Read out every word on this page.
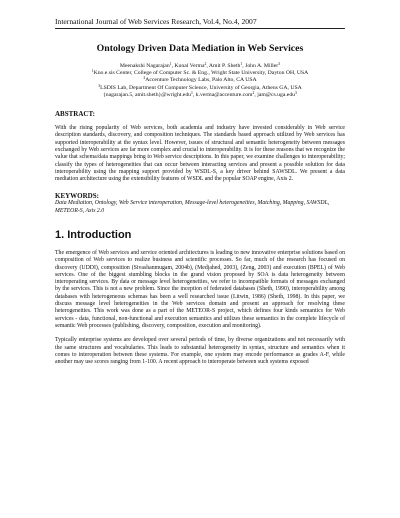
International Journal of Web Services Research, Vol.4, No.4, 2007
Ontology Driven Data Mediation in Web Services
Meenakshi Nagarajan$^1$, Kunal Verma$^2$, Amit P. Sheth$^1$, John A. Miller$^3$
$^1$Kno.e.sis Center, College of Computer Sc. & Eng., Wright State University, Dayton OH, USA
$^2$Accenture Technology Labs, Palo Alto, CA USA
$^3$LSDIS Lab, Department Of Computer Science, University of Georgia, Athens GA, USA
{nagarajan.5, amit.sheth}@wright.edu$^1$, k.verma@accenture.com$^2$, jam@cs.uga.edu$^3$
ABSTRACT:
With the rising popularity of Web services, both academia and industry have invested considerably in Web service description standards, discovery, and composition techniques. The standards based approach utilized by Web services has supported interoperability at the syntax level. However, issues of structural and semantic heterogeneity between messages exchanged by Web services are far more complex and crucial to interoperability. It is for these reasons that we recognize the value that schema/data mappings bring to Web service descriptions. In this paper, we examine challenges to interoperability; classify the types of heterogeneities that can occur between interacting services and present a possible solution for data interoperability using the mapping support provided by WSDL-S, a key driver behind SAWSDL. We present a data mediation architecture using the extensibility features of WSDL and the popular SOAP engine, Axis 2.
KEYWORDS:
Data Mediation, Ontology, Web Service interoperation, Message-level heterogeneities, Matching, Mapping, SAWSDL, METEOR-S, Axis 2.0
1. Introduction
The emergence of Web services and service oriented architectures is leading to new innovative enterprise solutions based on composition of Web services to realize business and scientific processes. So far, much of the research has focused on discovery (UDDI), composition (Sivashanmugam, 2004b), (Medjahed, 2003), (Zeng, 2003) and execution (BPEL) of Web services. One of the biggest stumbling blocks in the grand vision proposed by SOA is data heterogeneity between interoperating services. By data or message level heterogeneities, we refer to incompatible formats of messages exchanged by the services. This is not a new problem. Since the inception of federated databases (Sheth, 1990), interoperability among databases with heterogeneous schemas has been a well researched issue (Litwin, 1986) (Sheth, 1998). In this paper, we discuss message level heterogeneities in the Web services domain and present an approach for resolving these heterogeneities. This work was done as a part of the METEOR-S project, which defines four kinds semantics for Web services - data, functional, non-functional and execution semantics and utilizes these semantics in the complete lifecycle of semantic Web processes (publishing, discovery, composition, execution and monitoring).
Typically enterprise systems are developed over several periods of time, by diverse organizations and not necessarily with the same structures and vocabularies. This leads to substantial heterogeneity in syntax, structure and semantics when it comes to interoperation between these systems. For example, one system may encode performance as grades A-F, while another may use scores ranging from 1-100. A recent approach to interoperate between such systems exposed
